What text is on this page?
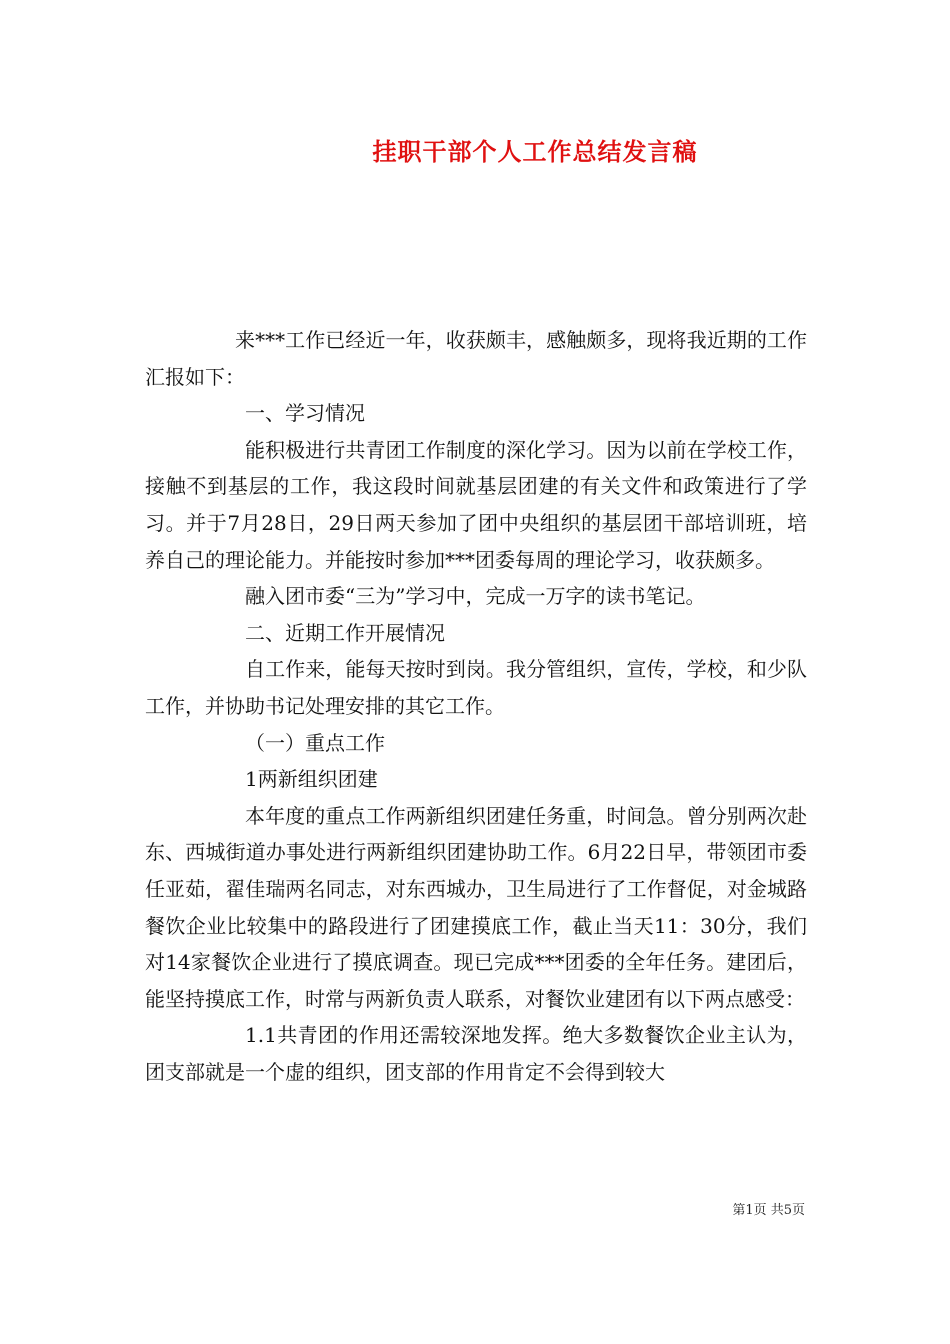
挂职干部个人工作总结发言稿

来***工作已经近一年，收获颇丰，感触颇多，现将我近期的工作汇报如下：

一、学习情况

能积极进行共青团工作制度的深化学习。因为以前在学校工作，接触不到基层的工作，我这段时间就基层团建的有关文件和政策进行了学习。并于7月28日，29日两天参加了团中央组织的基层团干部培训班，培养自己的理论能力。并能按时参加***团委每周的理论学习，收获颇多。

融入团市委“三为”学习中，完成一万字的读书笔记。

二、近期工作开展情况

自工作来，能每天按时到岗。我分管组织，宣传，学校，和少队工作，并协助书记处理安排的其它工作。

（一）重点工作

1两新组织团建

本年度的重点工作两新组织团建任务重，时间急。曾分别两次赴东、西城街道办事处进行两新组织团建协助工作。6月22日早，带领团市委任亚茹，翟佳瑞两名同志，对东西城办，卫生局进行了工作督促，对金城路餐饮企业比较集中的路段进行了团建摸底工作，截止当天11：30分，我们对14家餐饮企业进行了摸底调查。现已完成***团委的全年任务。建团后，能坚持摸底工作，时常与两新负责人联系，对餐饮业建团有以下两点感受：

1.1共青团的作用还需较深地发挥。绝大多数餐饮企业主认为，团支部就是一个虚的组织，团支部的作用肯定不会得到较大

第1页 共5页
